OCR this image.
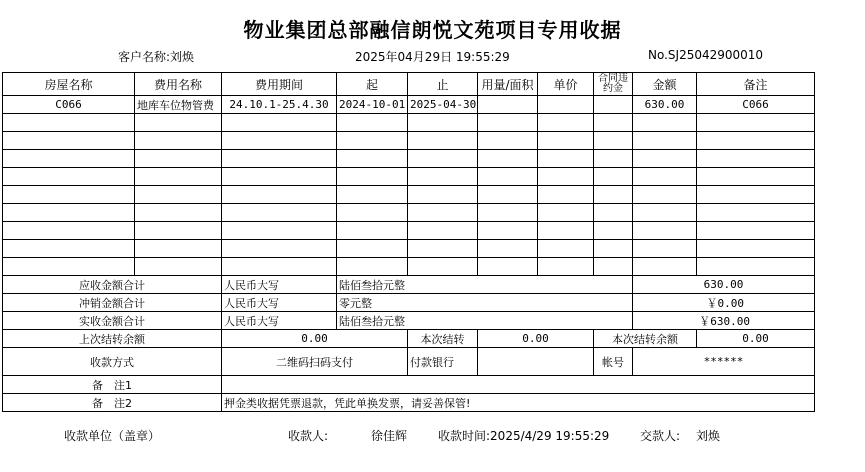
物业集团总部融信朗悦文苑项目专用收据
客户名称:刘焕	2025年04月29日 19:55:29	No.SJ25042900010
房屋名称	费用名称	费用期间	起	止	用量/面积	单价	合同违约金	金额	备注
C066	地库车位物管费	24.10.1-25.4.30	2024-10-01	2025-04-30				630.00	C066

应收金额合计		人民币大写	陆佰叁拾元整					630.00	
冲销金额合计		人民币大写	零元整					￥0.00	
实收金额合计		人民币大写	陆佰叁拾元整					￥630.00	
上次结转余额		0.00		本次结转	0.00		本次结转余额		0.00
收款方式		二维码扫码支付		付款银行			帐号	******	
备　注1									
备　注2		押金类收据凭票退款，凭此单换发票，请妥善保管!							
收款单位（盖章）	收款人:	徐佳辉	收款时间:2025/4/29 19:55:29	交款人: 刘焕
